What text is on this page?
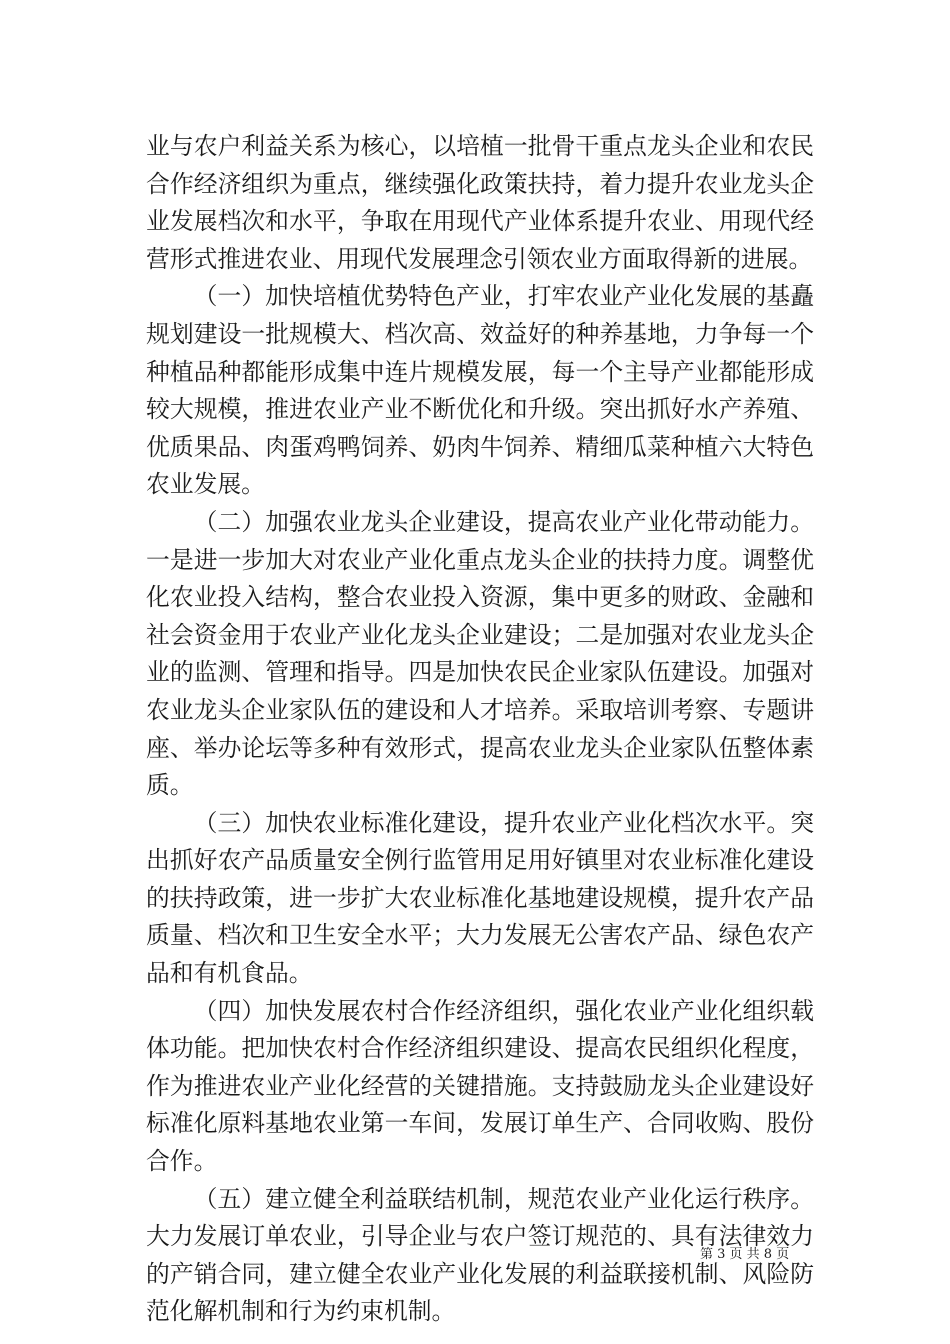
业与农户利益关系为核心，以培植一批骨干重点龙头企业和农民合作经济组织为重点，继续强化政策扶持，着力提升农业龙头企业发展档次和水平，争取在用现代产业体系提升农业、用现代经营形式推进农业、用现代发展理念引领农业方面取得新的进展。

（一）加快培植优势特色产业，打牢农业产业化发展的基矗规划建设一批规模大、档次高、效益好的种养基地，力争每一个种植品种都能形成集中连片规模发展，每一个主导产业都能形成较大规模，推进农业产业不断优化和升级。突出抓好水产养殖、优质果品、肉蛋鸡鸭饲养、奶肉牛饲养、精细瓜菜种植六大特色农业发展。

（二）加强农业龙头企业建设，提高农业产业化带动能力。一是进一步加大对农业产业化重点龙头企业的扶持力度。调整优化农业投入结构，整合农业投入资源，集中更多的财政、金融和社会资金用于农业产业化龙头企业建设；二是加强对农业龙头企业的监测、管理和指导。四是加快农民企业家队伍建设。加强对农业龙头企业家队伍的建设和人才培养。采取培训考察、专题讲座、举办论坛等多种有效形式，提高农业龙头企业家队伍整体素质。

（三）加快农业标准化建设，提升农业产业化档次水平。突出抓好农产品质量安全例行监管用足用好镇里对农业标准化建设的扶持政策，进一步扩大农业标准化基地建设规模，提升农产品质量、档次和卫生安全水平；大力发展无公害农产品、绿色农产品和有机食品。

（四）加快发展农村合作经济组织，强化农业产业化组织载体功能。把加快农村合作经济组织建设、提高农民组织化程度，作为推进农业产业化经营的关键措施。支持鼓励龙头企业建设好标准化原料基地农业第一车间，发展订单生产、合同收购、股份合作。

（五）建立健全利益联结机制，规范农业产业化运行秩序。大力发展订单农业，引导企业与农户签订规范的、具有法律效力的产销合同，建立健全农业产业化发展的利益联接机制、风险防范化解机制和行为约束机制。

第 3 页 共 8 页
